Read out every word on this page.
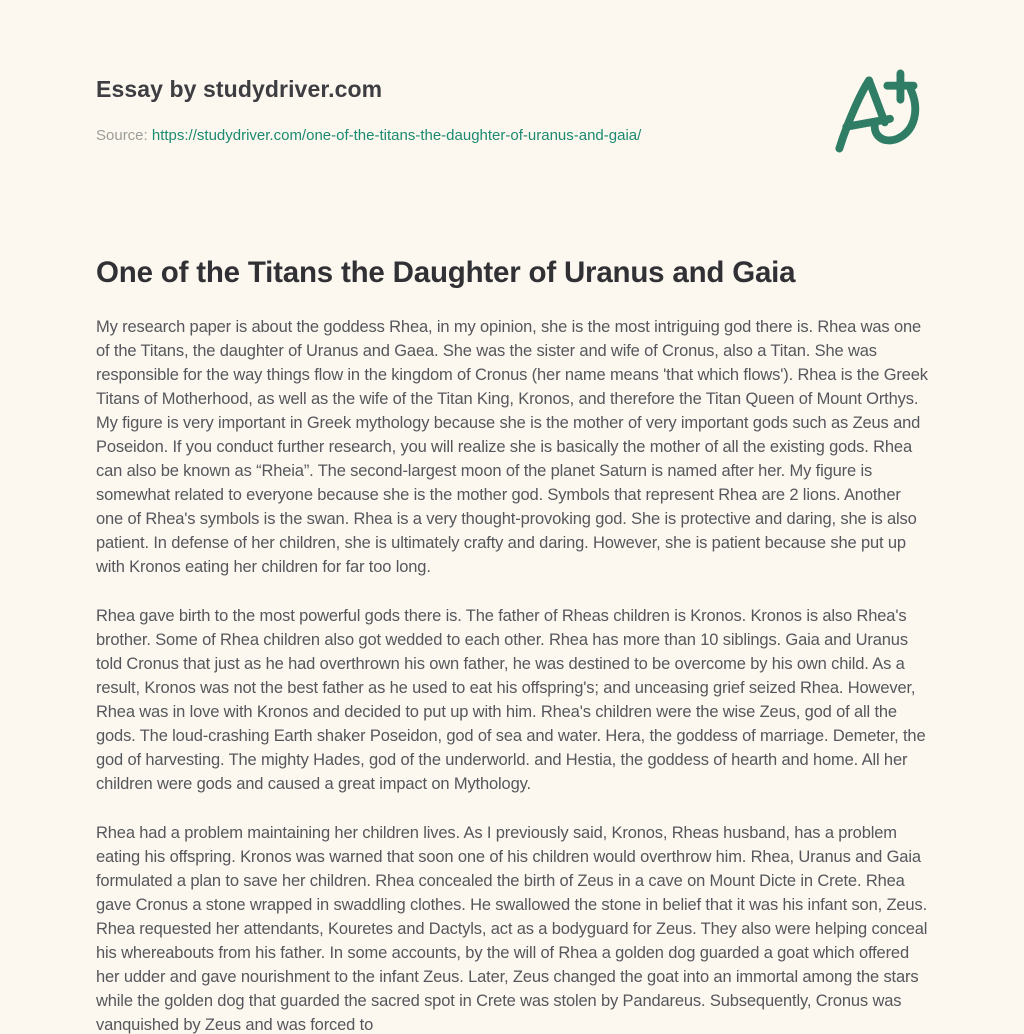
Essay by studydriver.com

Source: https://studydriver.com/one-of-the-titans-the-daughter-of-uranus-and-gaia/

One of the Titans the Daughter of Uranus and Gaia

My research paper is about the goddess Rhea, in my opinion, she is the most intriguing god there is. Rhea was one of the Titans, the daughter of Uranus and Gaea. She was the sister and wife of Cronus, also a Titan. She was responsible for the way things flow in the kingdom of Cronus (her name means 'that which flows'). Rhea is the Greek Titans of Motherhood, as well as the wife of the Titan King, Kronos, and therefore the Titan Queen of Mount Orthys. My figure is very important in Greek mythology because she is the mother of very important gods such as Zeus and Poseidon. If you conduct further research, you will realize she is basically the mother of all the existing gods. Rhea can also be known as “Rheia”. The second-largest moon of the planet Saturn is named after her. My figure is somewhat related to everyone because she is the mother god. Symbols that represent Rhea are 2 lions. Another one of Rhea's symbols is the swan. Rhea is a very thought-provoking god. She is protective and daring, she is also patient. In defense of her children, she is ultimately crafty and daring. However, she is patient because she put up with Kronos eating her children for far too long.

Rhea gave birth to the most powerful gods there is. The father of Rheas children is Kronos. Kronos is also Rhea's brother. Some of Rhea children also got wedded to each other. Rhea has more than 10 siblings. Gaia and Uranus told Cronus that just as he had overthrown his own father, he was destined to be overcome by his own child. As a result, Kronos was not the best father as he used to eat his offspring's; and unceasing grief seized Rhea. However, Rhea was in love with Kronos and decided to put up with him. Rhea's children were the wise Zeus, god of all the gods. The loud-crashing Earth shaker Poseidon, god of sea and water. Hera, the goddess of marriage. Demeter, the god of harvesting. The mighty Hades, god of the underworld. and Hestia, the goddess of hearth and home. All her children were gods and caused a great impact on Mythology.

Rhea had a problem maintaining her children lives. As I previously said, Kronos, Rheas husband, has a problem eating his offspring. Kronos was warned that soon one of his children would overthrow him. Rhea, Uranus and Gaia formulated a plan to save her children. Rhea concealed the birth of Zeus in a cave on Mount Dicte in Crete. Rhea gave Cronus a stone wrapped in swaddling clothes. He swallowed the stone in belief that it was his infant son, Zeus. Rhea requested her attendants, Kouretes and Dactyls, act as a bodyguard for Zeus. They also were helping conceal his whereabouts from his father. In some accounts, by the will of Rhea a golden dog guarded a goat which offered her udder and gave nourishment to the infant Zeus. Later, Zeus changed the goat into an immortal among the stars while the golden dog that guarded the sacred spot in Crete was stolen by Pandareus. Subsequently, Cronus was vanquished by Zeus and was forced to
